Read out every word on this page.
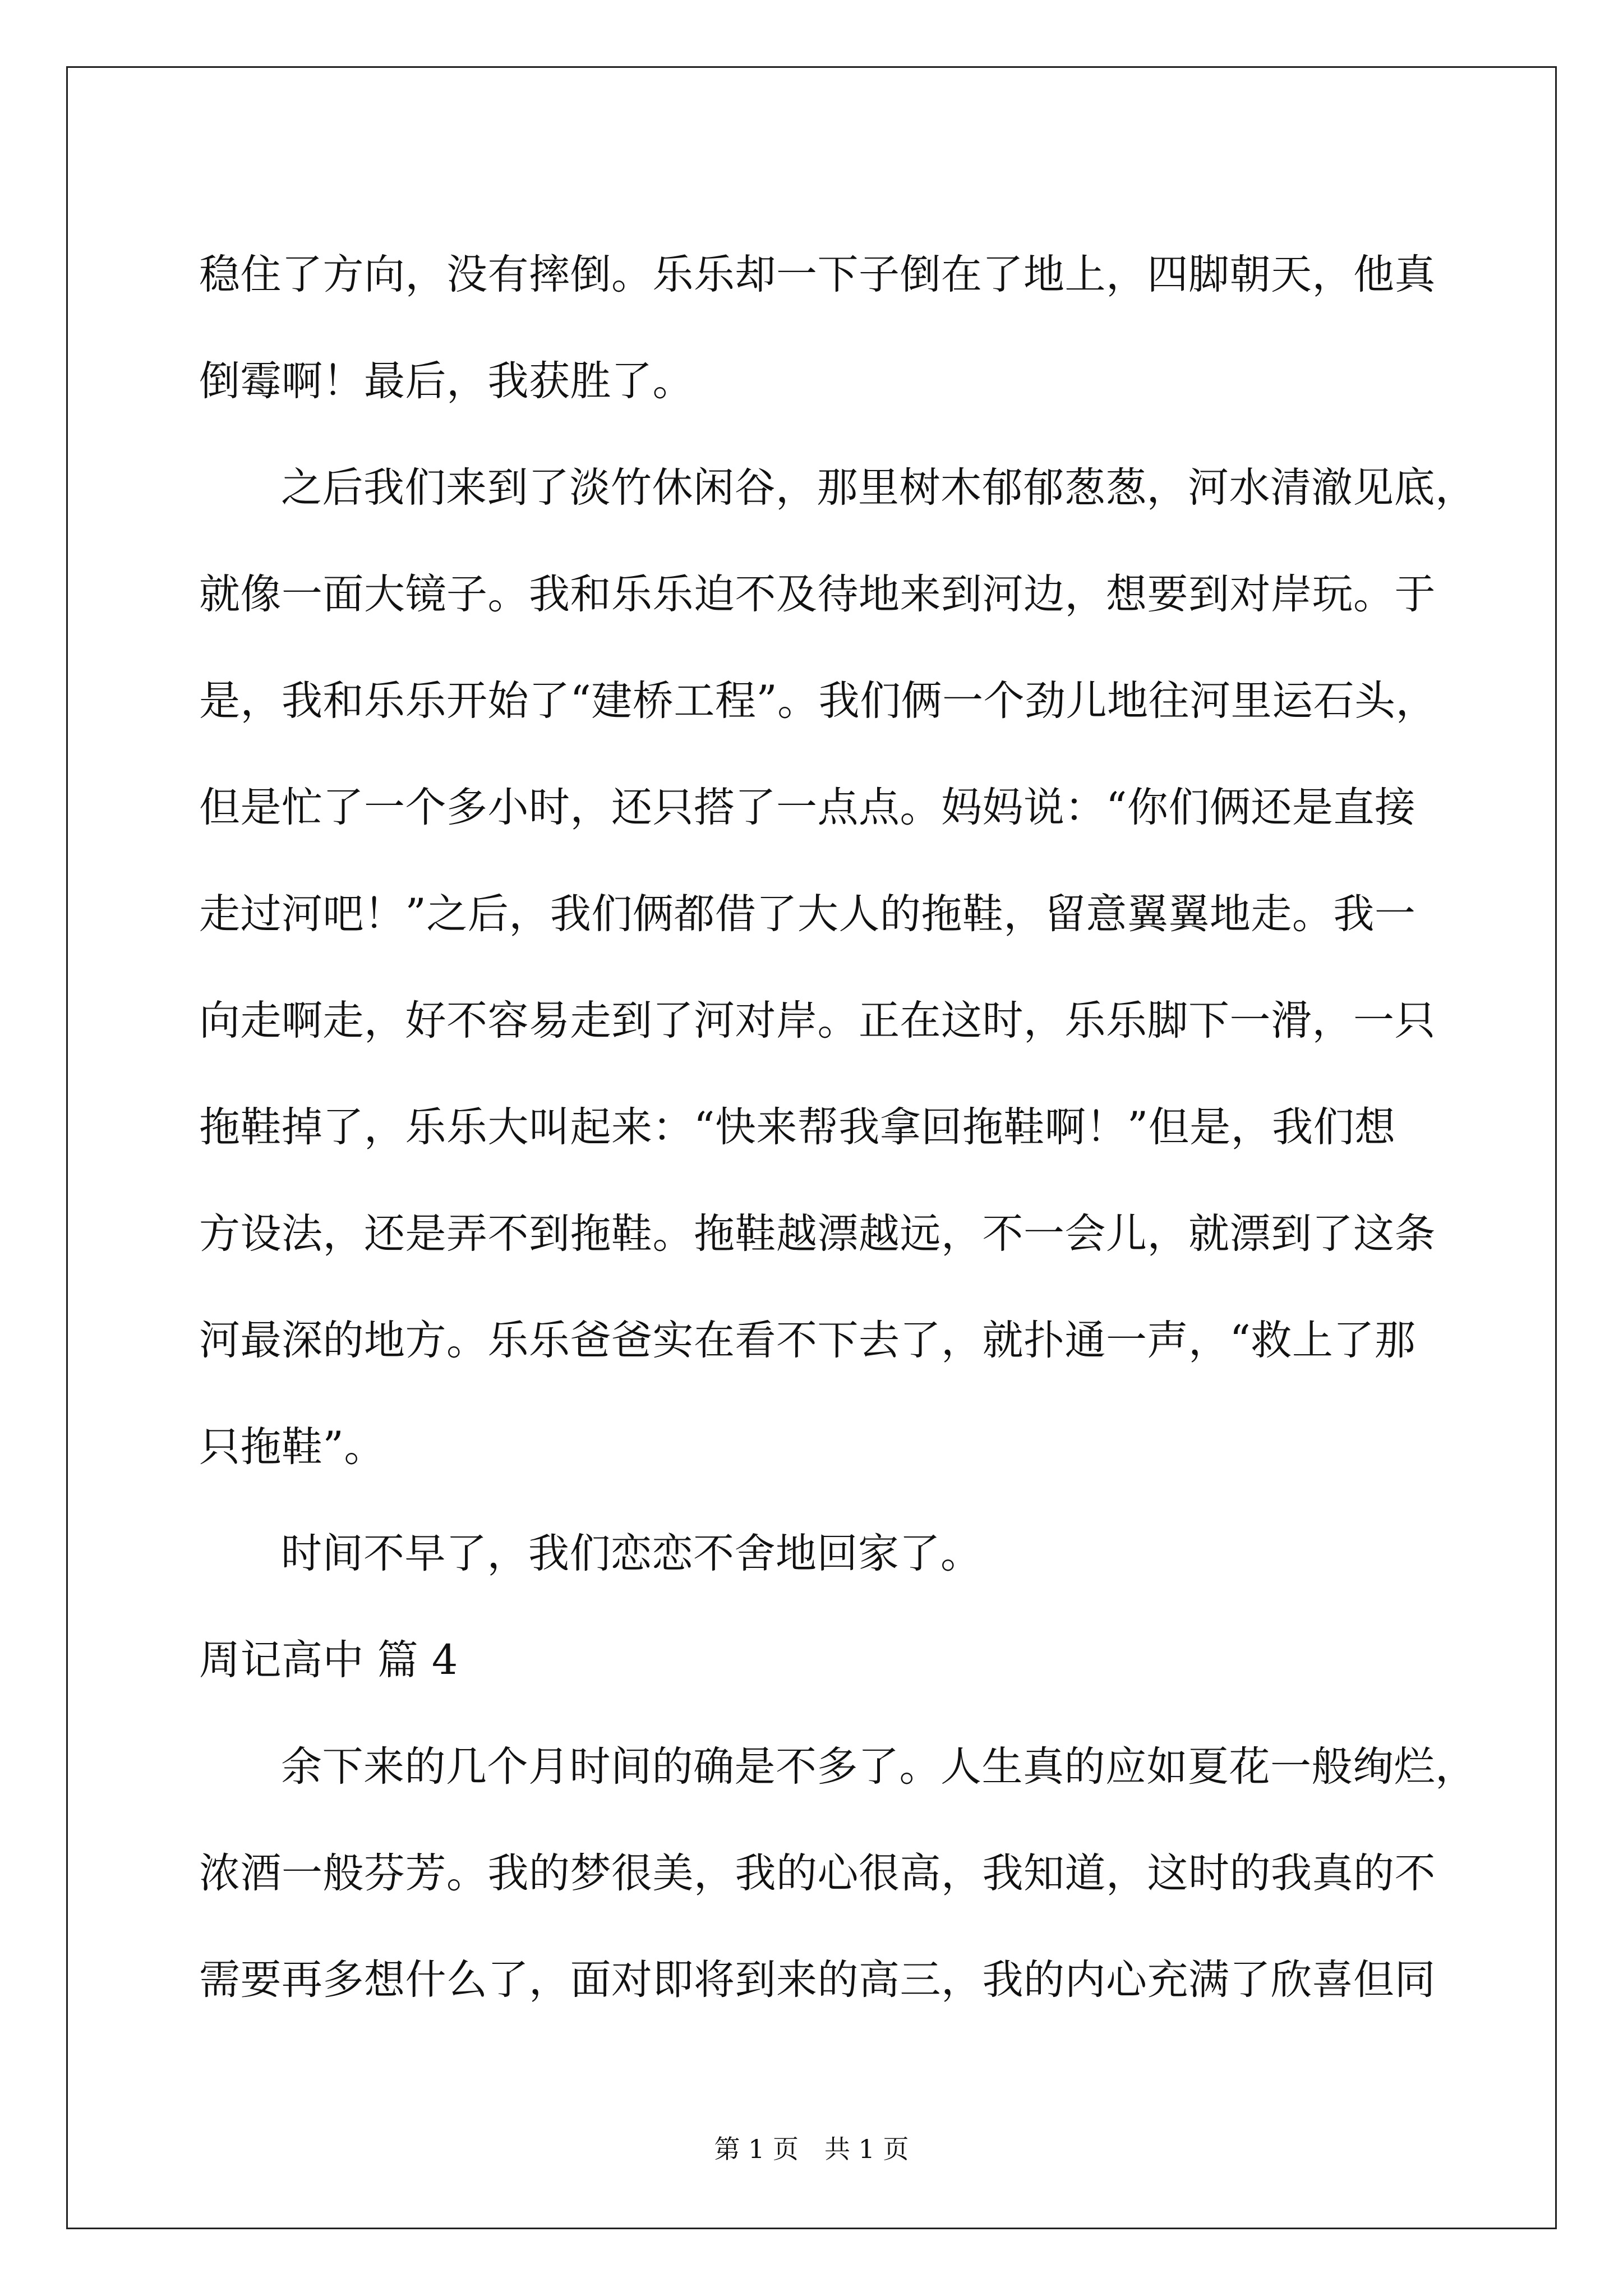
稳住了方向，没有摔倒。乐乐却一下子倒在了地上，四脚朝天，他真
倒霉啊！最后，我获胜了。
之后我们来到了淡竹休闲谷，那里树木郁郁葱葱，河水清澈见底，
就像一面大镜子。我和乐乐迫不及待地来到河边，想要到对岸玩。于
是，我和乐乐开始了“建桥工程”。我们俩一个劲儿地往河里运石头，
但是忙了一个多小时，还只搭了一点点。妈妈说：“你们俩还是直接
走过河吧！”之后，我们俩都借了大人的拖鞋，留意翼翼地走。我一
向走啊走，好不容易走到了河对岸。正在这时，乐乐脚下一滑，一只
拖鞋掉了，乐乐大叫起来：“快来帮我拿回拖鞋啊！”但是，我们想
方设法，还是弄不到拖鞋。拖鞋越漂越远，不一会儿，就漂到了这条
河最深的地方。乐乐爸爸实在看不下去了，就扑通一声，“救上了那
只拖鞋”。
时间不早了，我们恋恋不舍地回家了。
周记高中 篇 4
余下来的几个月时间的确是不多了。人生真的应如夏花一般绚烂，
浓酒一般芬芳。我的梦很美，我的心很高，我知道，这时的我真的不
需要再多想什么了，面对即将到来的高三，我的内心充满了欣喜但同
第 1 页 共 1 页
